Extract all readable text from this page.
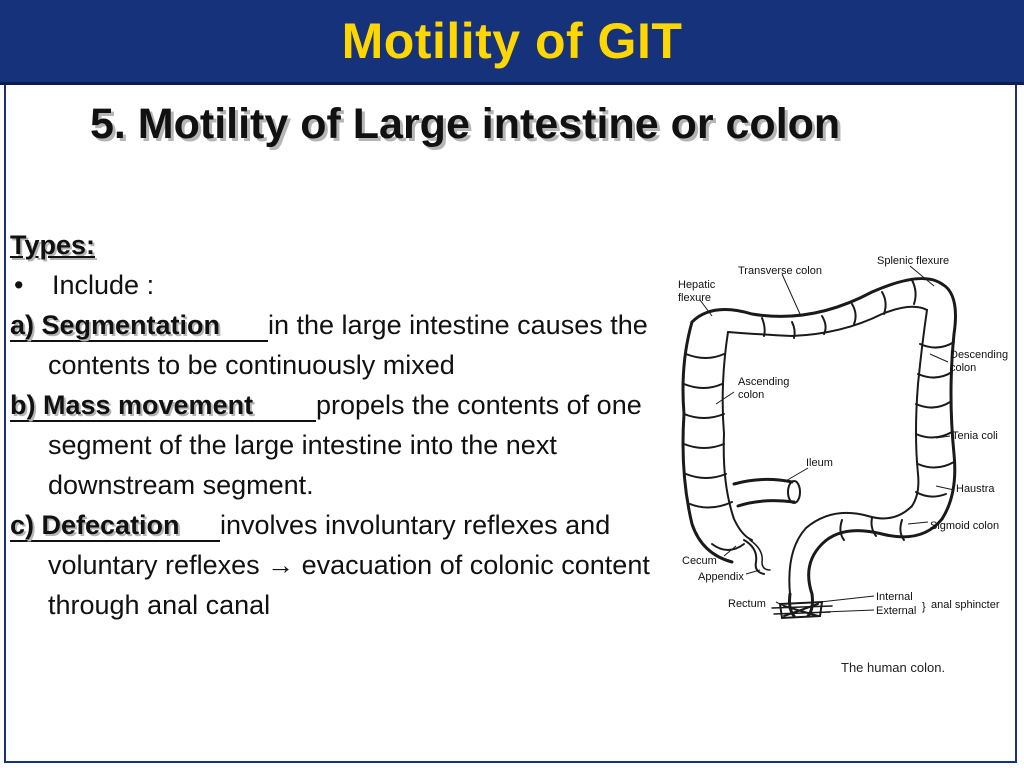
Motility of GIT
5. Motility of Large intestine or colon

Types:

•	Include :

a) Segmentationin the large intestine causes the contents to be continuously mixed

b) Mass movementpropels the contents of one segment of the large intestine into the next downstream segment.

c) Defecationinvolves involuntary reflexes and voluntary reflexes → evacuation of colonic content through anal canal

Transverse colon
Splenic flexure
Hepatic
flexure
Descending
colon
Ascending
colon
Tenia coli
Ileum
Haustra
Sigmoid colon
Cecum
Appendix
Rectum
Internal
External } anal sphincter
The human colon.
